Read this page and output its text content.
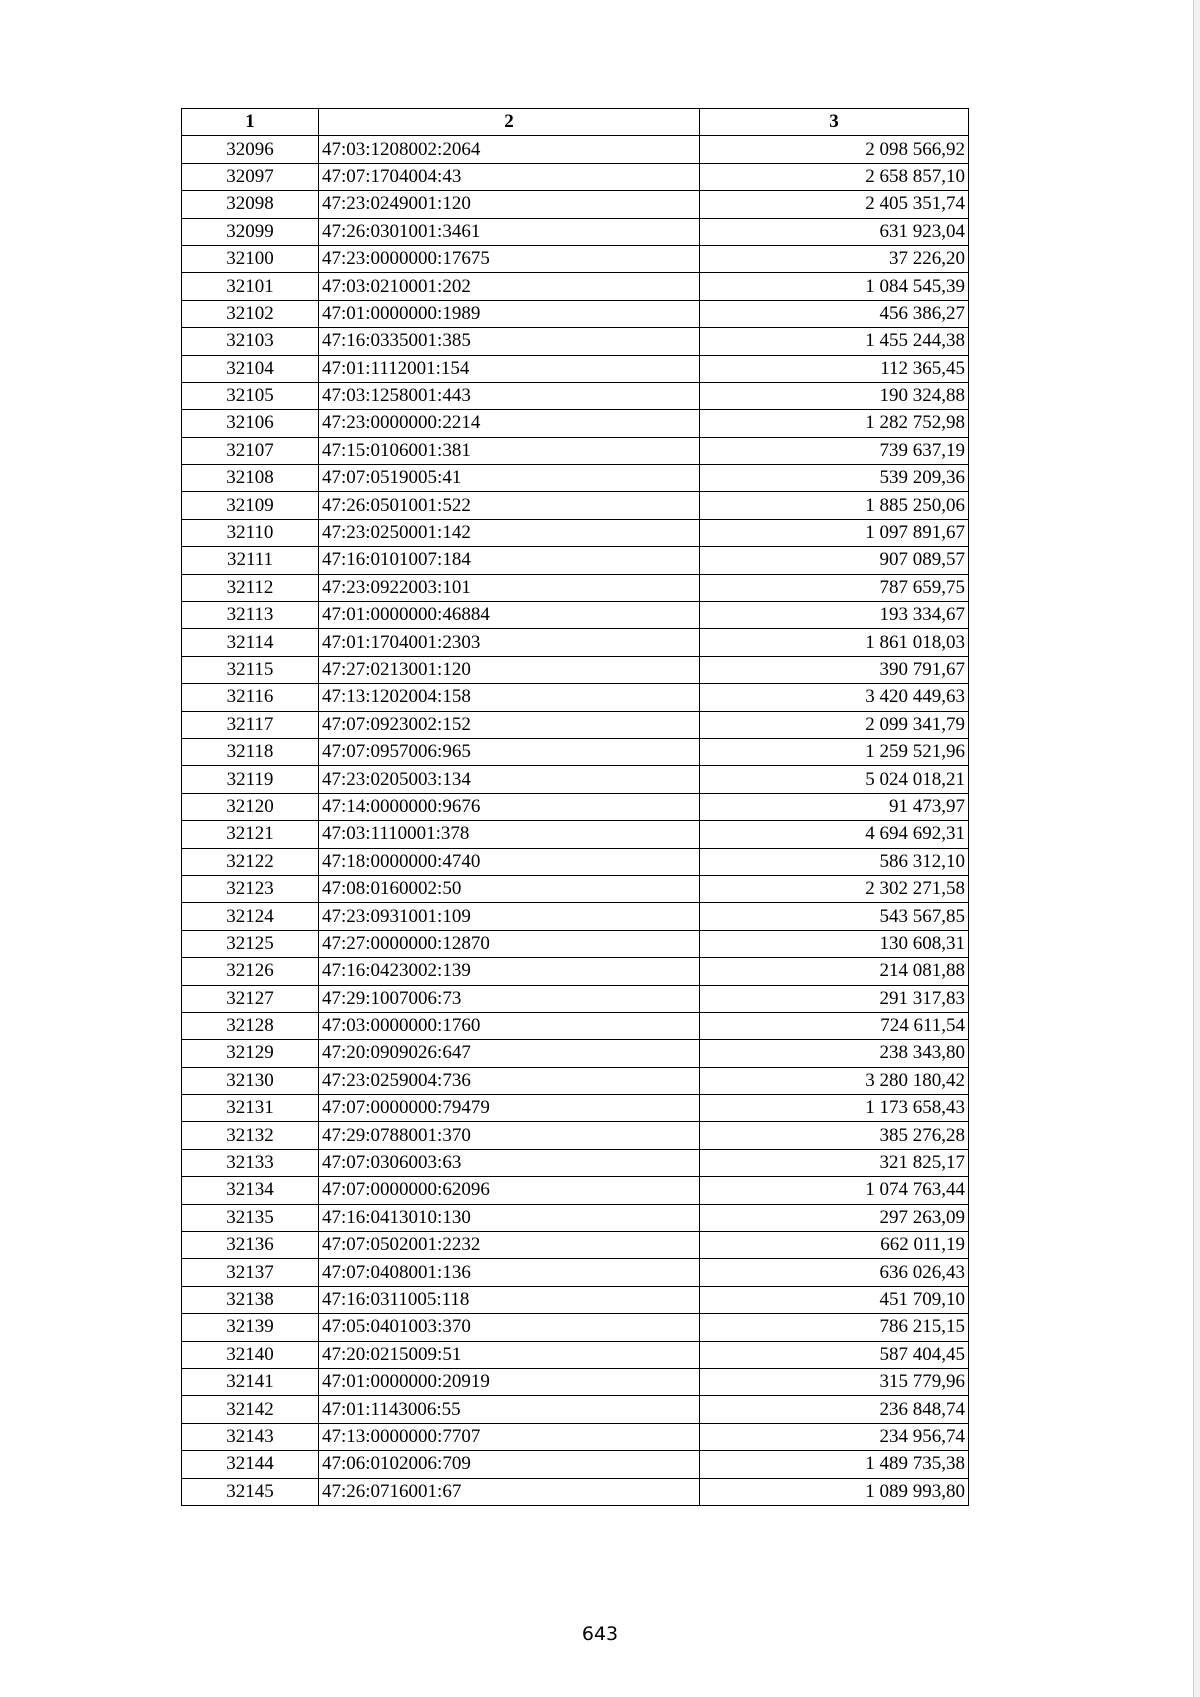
1	2	3
32096	47:03:1208002:2064	2 098 566,92
32097	47:07:1704004:43	2 658 857,10
32098	47:23:0249001:120	2 405 351,74
32099	47:26:0301001:3461	631 923,04
32100	47:23:0000000:17675	37 226,20
32101	47:03:0210001:202	1 084 545,39
32102	47:01:0000000:1989	456 386,27
32103	47:16:0335001:385	1 455 244,38
32104	47:01:1112001:154	112 365,45
32105	47:03:1258001:443	190 324,88
32106	47:23:0000000:2214	1 282 752,98
32107	47:15:0106001:381	739 637,19
32108	47:07:0519005:41	539 209,36
32109	47:26:0501001:522	1 885 250,06
32110	47:23:0250001:142	1 097 891,67
32111	47:16:0101007:184	907 089,57
32112	47:23:0922003:101	787 659,75
32113	47:01:0000000:46884	193 334,67
32114	47:01:1704001:2303	1 861 018,03
32115	47:27:0213001:120	390 791,67
32116	47:13:1202004:158	3 420 449,63
32117	47:07:0923002:152	2 099 341,79
32118	47:07:0957006:965	1 259 521,96
32119	47:23:0205003:134	5 024 018,21
32120	47:14:0000000:9676	91 473,97
32121	47:03:1110001:378	4 694 692,31
32122	47:18:0000000:4740	586 312,10
32123	47:08:0160002:50	2 302 271,58
32124	47:23:0931001:109	543 567,85
32125	47:27:0000000:12870	130 608,31
32126	47:16:0423002:139	214 081,88
32127	47:29:1007006:73	291 317,83
32128	47:03:0000000:1760	724 611,54
32129	47:20:0909026:647	238 343,80
32130	47:23:0259004:736	3 280 180,42
32131	47:07:0000000:79479	1 173 658,43
32132	47:29:0788001:370	385 276,28
32133	47:07:0306003:63	321 825,17
32134	47:07:0000000:62096	1 074 763,44
32135	47:16:0413010:130	297 263,09
32136	47:07:0502001:2232	662 011,19
32137	47:07:0408001:136	636 026,43
32138	47:16:0311005:118	451 709,10
32139	47:05:0401003:370	786 215,15
32140	47:20:0215009:51	587 404,45
32141	47:01:0000000:20919	315 779,96
32142	47:01:1143006:55	236 848,74
32143	47:13:0000000:7707	234 956,74
32144	47:06:0102006:709	1 489 735,38
32145	47:26:0716001:67	1 089 993,80
643
